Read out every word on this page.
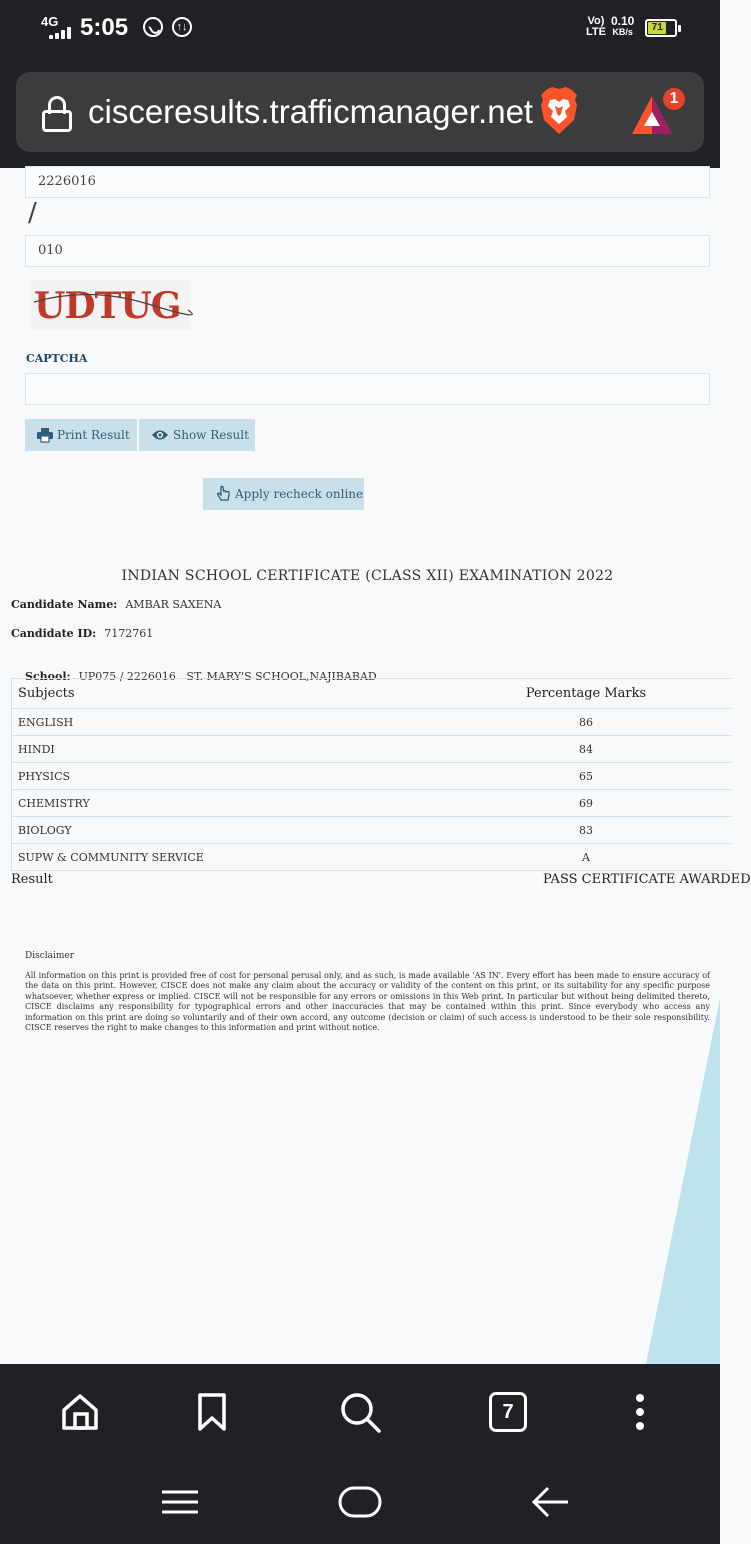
4G 5:05	↑↓	Vo)
LTE
0.10
KB/s	71
cisceresults.trafficmanager.net	1
2226016
/
010
UDTUG
CAPTCHA
Print Result	Show Result
Apply recheck online
INDIAN SCHOOL CERTIFICATE (CLASS XII) EXAMINATION 2022
Candidate Name: AMBAR SAXENA
Candidate ID: 7172761

School: UP075 / 2226016   ST. MARY'S SCHOOL,NAJIBABAD

Subjects	Percentage Marks
ENGLISH	86
HINDI	84
PHYSICS	65
CHEMISTRY	69
BIOLOGY	83
SUPW & COMMUNITY SERVICE	A
Result	PASS CERTIFICATE AWARDED
Disclaimer
All information on this print is provided free of cost for personal perusal only, and as such, is made available 'AS IN'. Every effort has been made to ensure accuracy of the data on this print. However, CISCE does not make any claim about the accuracy or validity of the content on this print, or its suitability for any specific purpose whatsoever, whether express or implied. CISCE will not be responsible for any errors or omissions in this Web print. In particular but without being delimited thereto, CISCE disclaims any responsibility for typographical errors and other inaccuracies that may be contained within this print. Since everybody who access any information on this print are doing so voluntarily and of their own accord, any outcome (decision or claim) of such access is understood to be their sole responsibility. CISCE reserves the right to make changes to this information and print without notice.
7
